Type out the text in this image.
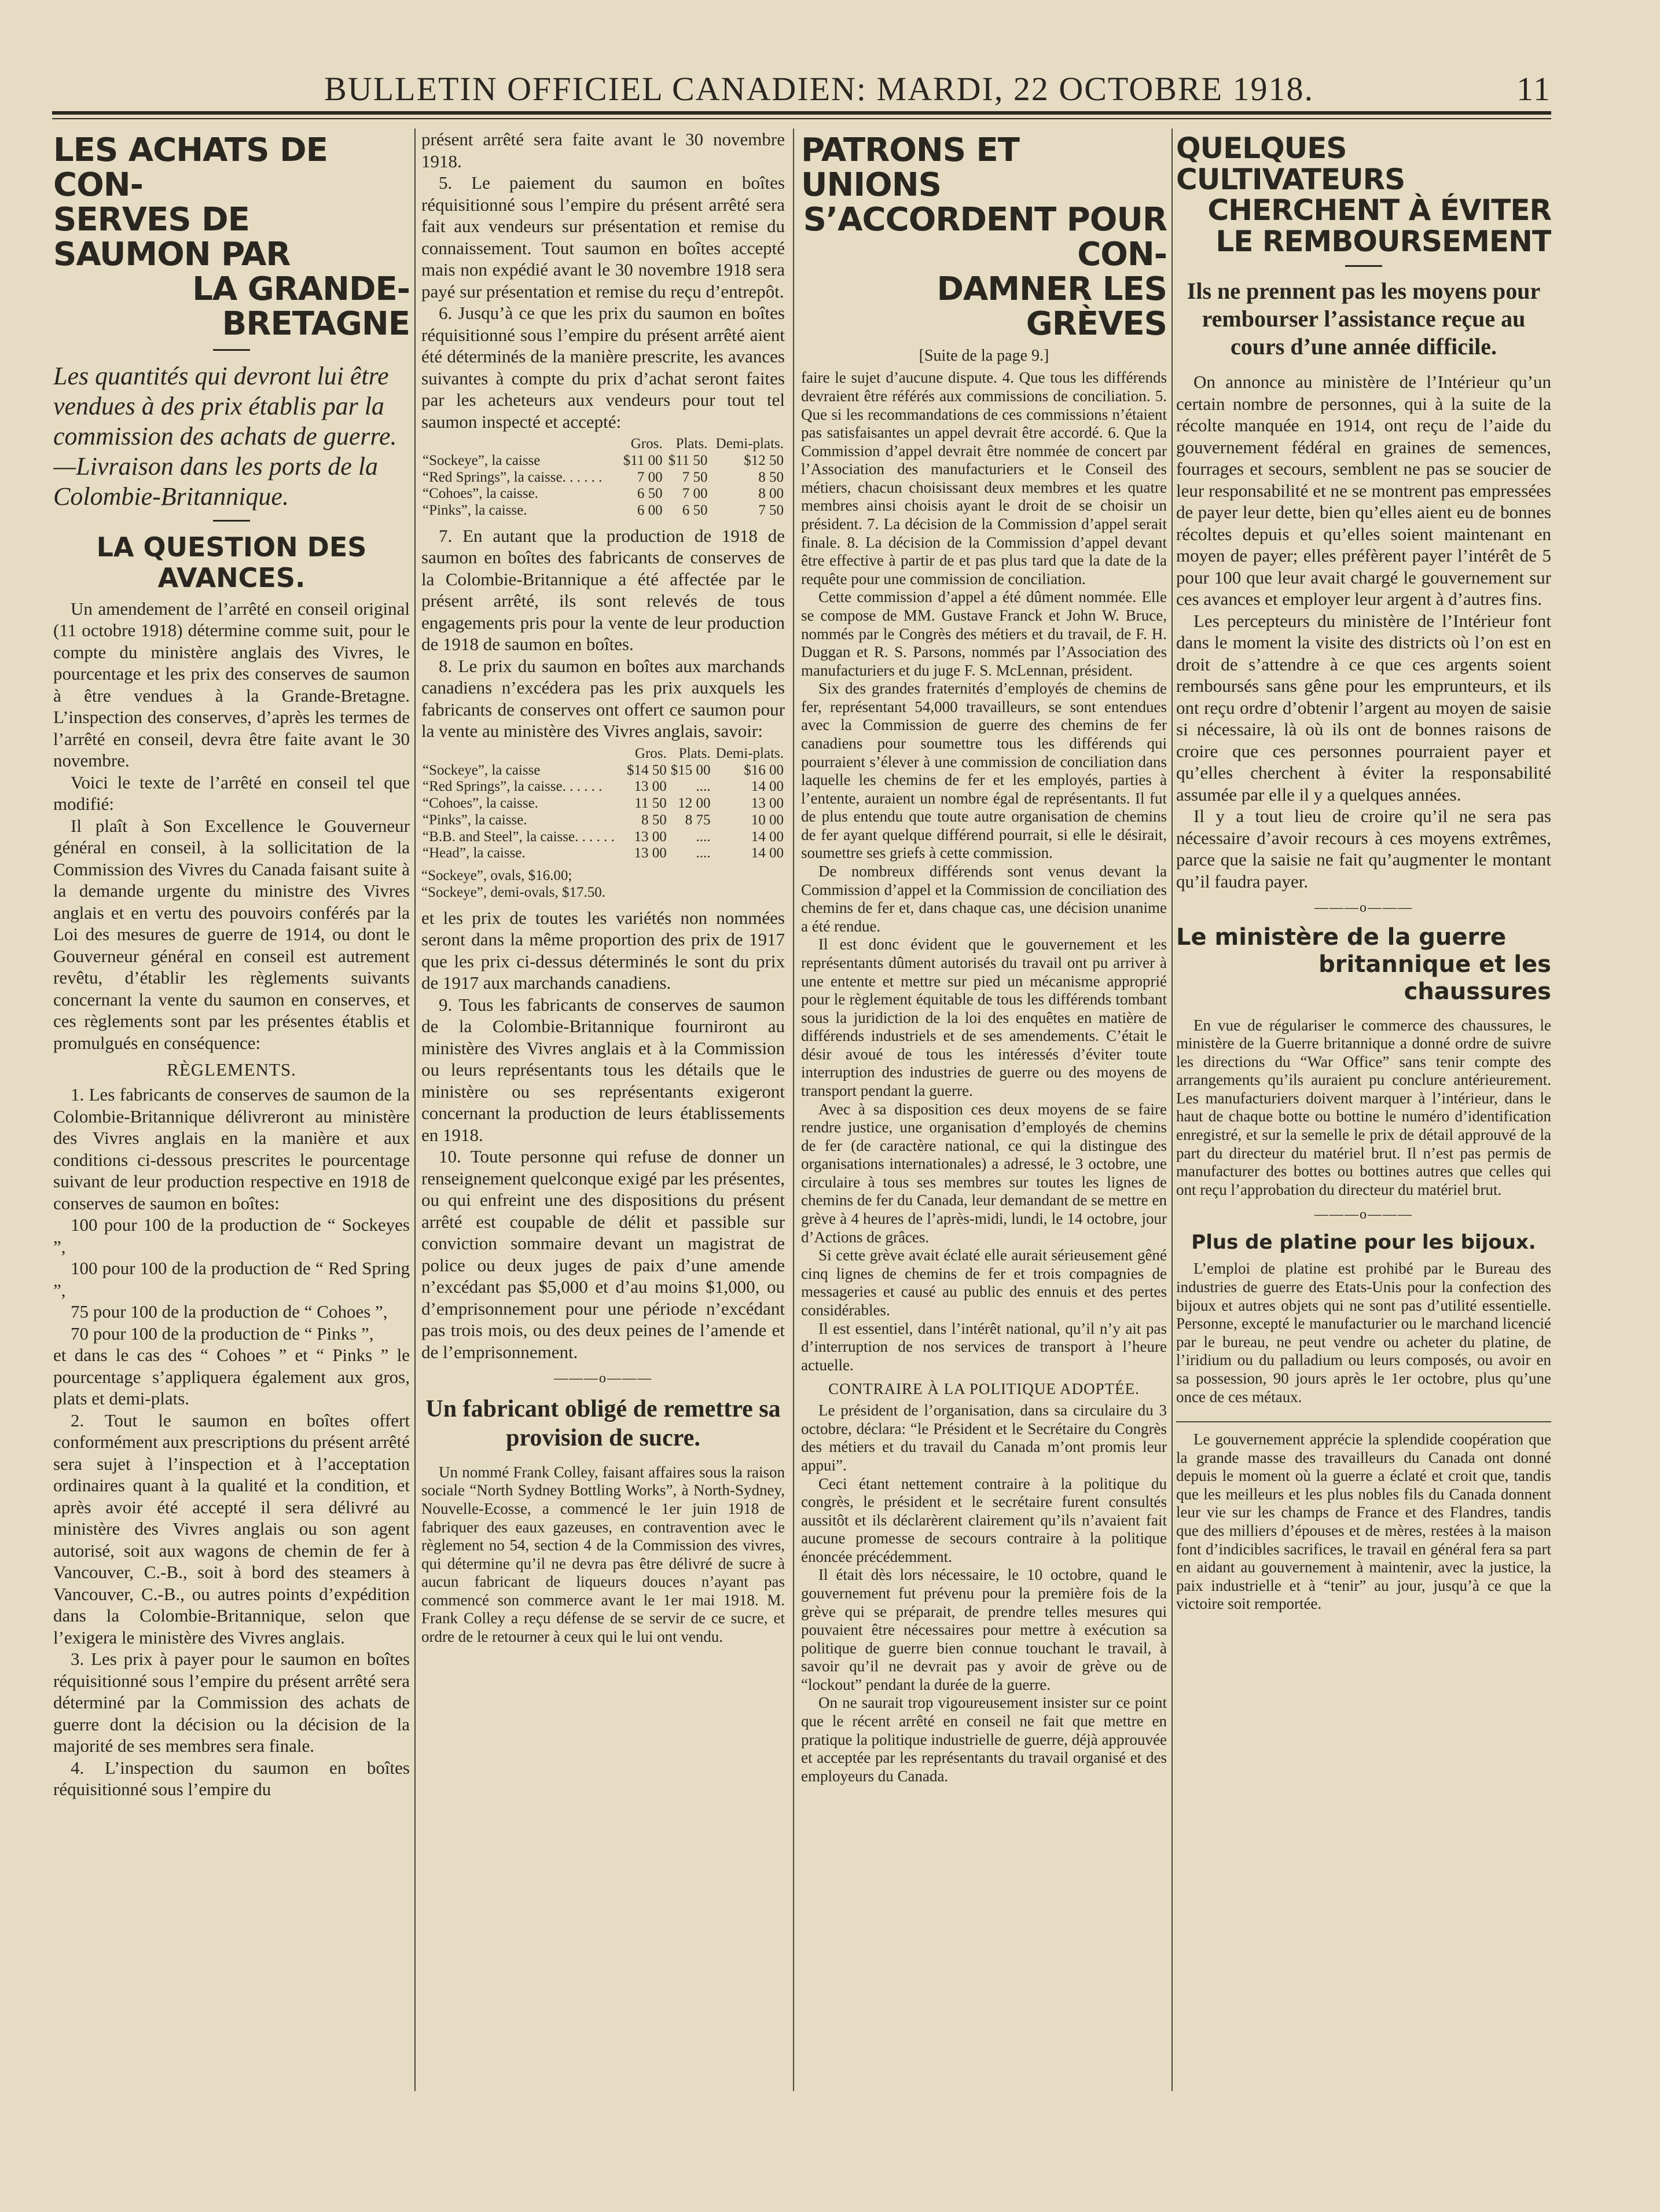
BULLETIN OFFICIEL CANADIEN: MARDI, 22 OCTOBRE 1918.	11
LES ACHATS DE CON-
SERVES DE SAUMON PAR
LA GRANDE-BRETAGNE

Les quantités qui devront lui être vendues à des prix établis par la commission des achats de guerre.—Livraison dans les ports de la Colombie-Britannique.

LA QUESTION DES AVANCES.

Un amendement de l’arrêté en conseil original (11 octobre 1918) détermine comme suit, pour le compte du ministère anglais des Vivres, le pourcentage et les prix des conserves de saumon à être vendues à la Grande-Bretagne. L’inspection des conserves, d’après les termes de l’arrêté en conseil, devra être faite avant le 30 novembre.

Voici le texte de l’arrêté en conseil tel que modifié:

Il plaît à Son Excellence le Gouverneur général en conseil, à la sollicitation de la Commission des Vivres du Canada faisant suite à la demande urgente du ministre des Vivres anglais et en vertu des pouvoirs conférés par la Loi des mesures de guerre de 1914, ou dont le Gouverneur général en conseil est autrement revêtu, d’établir les règlements suivants concernant la vente du saumon en conserves, et ces règlements sont par les présentes établis et promulgués en conséquence:

RÈGLEMENTS.

1. Les fabricants de conserves de saumon de la Colombie-Britannique délivreront au ministère des Vivres anglais en la manière et aux conditions ci-dessous prescrites le pourcentage suivant de leur production respective en 1918 de conserves de saumon en boîtes:

100 pour 100 de la production de “ Sockeyes ”,

100 pour 100 de la production de “ Red Spring ”,

75 pour 100 de la production de “ Cohoes ”,

70 pour 100 de la production de “ Pinks ”,

et dans le cas des “ Cohoes ” et “ Pinks ” le pourcentage s’appliquera également aux gros, plats et demi-plats.

2. Tout le saumon en boîtes offert conformément aux prescriptions du présent arrêté sera sujet à l’inspection et à l’acceptation ordinaires quant à la qualité et la condition, et après avoir été accepté il sera délivré au ministère des Vivres anglais ou son agent autorisé, soit aux wagons de chemin de fer à Vancouver, C.-B., soit à bord des steamers à Vancouver, C.-B., ou autres points d’expédition dans la Colombie-Britannique, selon que l’exigera le ministère des Vivres anglais.

3. Les prix à payer pour le saumon en boîtes réquisitionné sous l’empire du présent arrêté sera déterminé par la Commission des achats de guerre dont la décision ou la décision de la majorité de ses membres sera finale.

4. L’inspection du saumon en boîtes réquisitionné sous l’empire du

présent arrêté sera faite avant le 30 novembre 1918.

5. Le paiement du saumon en boîtes réquisitionné sous l’empire du présent arrêté sera fait aux vendeurs sur présentation et remise du connaissement. Tout saumon en boîtes accepté mais non expédié avant le 30 novembre 1918 sera payé sur présentation et remise du reçu d’entrepôt.

6. Jusqu’à ce que les prix du saumon en boîtes réquisitionné sous l’empire du présent arrêté aient été déterminés de la manière prescrite, les avances suivantes à compte du prix d’achat seront faites par les acheteurs aux vendeurs pour tout tel saumon inspecté et accepté:

	Gros.	Plats.	Demi-plats.
“Sockeye”, la caisse	$11 00	$11 50	$12 50
“Red Springs”, la caisse. . . . . .	7 00	7 50	8 50
“Cohoes”, la caisse.	6 50	7 00	8 00
“Pinks”, la caisse.	6 00	6 50	7 50

7. En autant que la production de 1918 de saumon en boîtes des fabricants de conserves de la Colombie-Britannique a été affectée par le présent arrêté, ils sont relevés de tous engagements pris pour la vente de leur production de 1918 de saumon en boîtes.

8. Le prix du saumon en boîtes aux marchands canadiens n’excédera pas les prix auxquels les fabricants de conserves ont offert ce saumon pour la vente au ministère des Vivres anglais, savoir:

	Gros.	Plats.	Demi-plats.
“Sockeye”, la caisse	$14 50	$15 00	$16 00
“Red Springs”, la caisse. . . . . .	13 00	....	14 00
“Cohoes”, la caisse.	11 50	12 00	13 00
“Pinks”, la caisse.	8 50	8 75	10 00
“B.B. and Steel”, la caisse. . . . . .	13 00	....	14 00
“Head”, la caisse.	13 00	....	14 00
“Sockeye”, ovals, $16.00;
“Sockeye”, demi-ovals, $17.50.

et les prix de toutes les variétés non nommées seront dans la même proportion des prix de 1917 que les prix ci-dessus déterminés le sont du prix de 1917 aux marchands canadiens.

9. Tous les fabricants de conserves de saumon de la Colombie-Britannique fourniront au ministère des Vivres anglais et à la Commission ou leurs représentants tous les détails que le ministère ou ses représentants exigeront concernant la production de leurs établissements en 1918.

10. Toute personne qui refuse de donner un renseignement quelconque exigé par les présentes, ou qui enfreint une des dispositions du présent arrêté est coupable de délit et passible sur conviction sommaire devant un magistrat de police ou deux juges de paix d’une amende n’excédant pas $5,000 et d’au moins $1,000, ou d’emprisonnement pour une période n’excédant pas trois mois, ou des deux peines de l’amende et de l’emprisonnement.

———o———
Un fabricant obligé de remettre sa provision de sucre.

Un nommé Frank Colley, faisant affaires sous la raison sociale “North Sydney Bottling Works”, à North-Sydney, Nouvelle-Ecosse, a commencé le 1er juin 1918 de fabriquer des eaux gazeuses, en contravention avec le règlement no 54, section 4 de la Commission des vivres, qui détermine qu’il ne devra pas être délivré de sucre à aucun fabricant de liqueurs douces n’ayant pas commencé son commerce avant le 1er mai 1918. M. Frank Colley a reçu défense de se servir de ce sucre, et ordre de le retourner à ceux qui le lui ont vendu.

PATRONS ET UNIONS
S’ACCORDENT POUR CON-
DAMNER LES GRÈVES
[Suite de la page 9.]

faire le sujet d’aucune dispute. 4. Que tous les différends devraient être référés aux commissions de conciliation. 5. Que si les recommandations de ces commissions n’étaient pas satisfaisantes un appel devrait être accordé. 6. Que la Commission d’appel devrait être nommée de concert par l’Association des manufacturiers et le Conseil des métiers, chacun choisissant deux membres et les quatre membres ainsi choisis ayant le droit de se choisir un président. 7. La décision de la Commission d’appel serait finale. 8. La décision de la Commission d’appel devant être effective à partir de et pas plus tard que la date de la requête pour une commission de conciliation.

Cette commission d’appel a été dûment nommée. Elle se compose de MM. Gustave Franck et John W. Bruce, nommés par le Congrès des métiers et du travail, de F. H. Duggan et R. S. Parsons, nommés par l’Association des manufacturiers et du juge F. S. McLennan, président.

Six des grandes fraternités d’employés de chemins de fer, représentant 54,000 travailleurs, se sont entendues avec la Commission de guerre des chemins de fer canadiens pour soumettre tous les différends qui pourraient s’élever à une commission de conciliation dans laquelle les chemins de fer et les employés, parties à l’entente, auraient un nombre égal de représentants. Il fut de plus entendu que toute autre organisation de chemins de fer ayant quelque différend pourrait, si elle le désirait, soumettre ses griefs à cette commission.

De nombreux différends sont venus devant la Commission d’appel et la Commission de conciliation des chemins de fer et, dans chaque cas, une décision unanime a été rendue.

Il est donc évident que le gouvernement et les représentants dûment autorisés du travail ont pu arriver à une entente et mettre sur pied un mécanisme approprié pour le règlement équitable de tous les différends tombant sous la juridiction de la loi des enquêtes en matière de différends industriels et de ses amendements. C’était le désir avoué de tous les intéressés d’éviter toute interruption des industries de guerre ou des moyens de transport pendant la guerre.

Avec à sa disposition ces deux moyens de se faire rendre justice, une organisation d’employés de chemins de fer (de caractère national, ce qui la distingue des organisations internationales) a adressé, le 3 octobre, une circulaire à tous ses membres sur toutes les lignes de chemins de fer du Canada, leur demandant de se mettre en grève à 4 heures de l’après-midi, lundi, le 14 octobre, jour d’Actions de grâces.

Si cette grève avait éclaté elle aurait sérieusement gêné cinq lignes de chemins de fer et trois compagnies de messageries et causé au public des ennuis et des pertes considérables.

Il est essentiel, dans l’intérêt national, qu’il n’y ait pas d’interruption de nos services de transport à l’heure actuelle.

CONTRAIRE À LA POLITIQUE ADOPTÉE.

Le président de l’organisation, dans sa circulaire du 3 octobre, déclara: “le Président et le Secrétaire du Congrès des métiers et du travail du Canada m’ont promis leur appui”.

Ceci étant nettement contraire à la politique du congrès, le président et le secrétaire furent consultés aussitôt et ils déclarèrent clairement qu’ils n’avaient fait aucune promesse de secours contraire à la politique énoncée précédemment.

Il était dès lors nécessaire, le 10 octobre, quand le gouvernement fut prévenu pour la première fois de la grève qui se préparait, de prendre telles mesures qui pouvaient être nécessaires pour mettre à exécution sa politique de guerre bien connue touchant le travail, à savoir qu’il ne devrait pas y avoir de grève ou de “lockout” pendant la durée de la guerre.

On ne saurait trop vigoureusement insister sur ce point que le récent arrêté en conseil ne fait que mettre en pratique la politique industrielle de guerre, déjà approuvée et acceptée par les représentants du travail organisé et des employeurs du Canada.

QUELQUES CULTIVATEURS
CHERCHENT À ÉVITER
LE REMBOURSEMENT
Ils ne prennent pas les moyens pour rembourser l’assistance reçue au cours d’une année difficile.

On annonce au ministère de l’Intérieur qu’un certain nombre de personnes, qui à la suite de la récolte manquée en 1914, ont reçu de l’aide du gouvernement fédéral en graines de semences, fourrages et secours, semblent ne pas se soucier de leur responsabilité et ne se montrent pas empressées de payer leur dette, bien qu’elles aient eu de bonnes récoltes depuis et qu’elles soient maintenant en moyen de payer; elles préfèrent payer l’intérêt de 5 pour 100 que leur avait chargé le gouvernement sur ces avances et employer leur argent à d’autres fins.

Les percepteurs du ministère de l’Intérieur font dans le moment la visite des districts où l’on est en droit de s’attendre à ce que ces argents soient remboursés sans gêne pour les emprunteurs, et ils ont reçu ordre d’obtenir l’argent au moyen de saisie si nécessaire, là où ils ont de bonnes raisons de croire que ces personnes pourraient payer et qu’elles cherchent à éviter la responsabilité assumée par elle il y a quelques années.

Il y a tout lieu de croire qu’il ne sera pas nécessaire d’avoir recours à ces moyens extrêmes, parce que la saisie ne fait qu’augmenter le montant qu’il faudra payer.

———o———
Le ministère de la guerre
britannique et les chaussures

En vue de régulariser le commerce des chaussures, le ministère de la Guerre britannique a donné ordre de suivre les directions du “War Office” sans tenir compte des arrangements qu’ils auraient pu conclure antérieurement. Les manufacturiers doivent marquer à l’intérieur, dans le haut de chaque botte ou bottine le numéro d’identification enregistré, et sur la semelle le prix de détail approuvé de la part du directeur du matériel brut. Il n’est pas permis de manufacturer des bottes ou bottines autres que celles qui ont reçu l’approbation du directeur du matériel brut.

———o———
Plus de platine pour les bijoux.

L’emploi de platine est prohibé par le Bureau des industries de guerre des Etats-Unis pour la confection des bijoux et autres objets qui ne sont pas d’utilité essentielle. Personne, excepté le manufacturier ou le marchand licencié par le bureau, ne peut vendre ou acheter du platine, de l’iridium ou du palladium ou leurs composés, ou avoir en sa possession, 90 jours après le 1er octobre, plus qu’une once de ces métaux.

Le gouvernement apprécie la splendide coopération que la grande masse des travailleurs du Canada ont donné depuis le moment où la guerre a éclaté et croit que, tandis que les meilleurs et les plus nobles fils du Canada donnent leur vie sur les champs de France et des Flandres, tandis que des milliers d’épouses et de mères, restées à la maison font d’indicibles sacrifices, le travail en général fera sa part en aidant au gouvernement à maintenir, avec la justice, la paix industrielle et à “tenir” au jour, jusqu’à ce que la victoire soit remportée.
